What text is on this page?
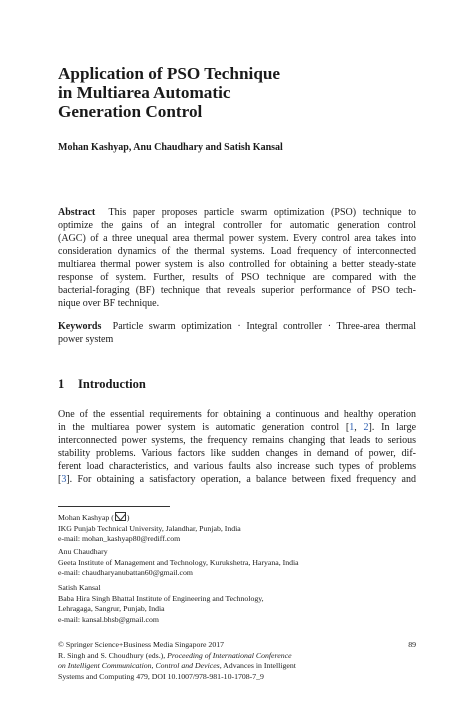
Application of PSO Technique
in Multiarea Automatic
Generation Control
Mohan Kashyap, Anu Chaudhary and Satish Kansal

Abstract This paper proposes particle swarm optimization (PSO) technique to
optimize the gains of an integral controller for automatic generation control
(AGC) of a three unequal area thermal power system. Every control area takes into
consideration dynamics of the thermal systems. Load frequency of interconnected
multiarea thermal power system is also controlled for obtaining a better steady-state
response of system. Further, results of PSO technique are compared with the
bacterial-foraging (BF) technique that reveals superior performance of PSO tech-
nique over BF technique.

Keywords Particle swarm optimization · Integral controller · Three-area thermal
power system

1 Introduction

One of the essential requirements for obtaining a continuous and healthy operation
in the multiarea power system is automatic generation control [1, 2]. In large
interconnected power systems, the frequency remains changing that leads to serious
stability problems. Various factors like sudden changes in demand of power, dif-
ferent load characteristics, and various faults also increase such types of problems
[3]. For obtaining a satisfactory operation, a balance between fixed frequency and

Mohan Kashyap ( )
IKG Punjab Technical University, Jalandhar, Punjab, India
e-mail: mohan_kashyap80@rediff.com

Anu Chaudhary
Geeta Institute of Management and Technology, Kurukshetra, Haryana, India
e-mail: chaudharyanubattan60@gmail.com

Satish Kansal
Baba Hira Singh Bhattal Institute of Engineering and Technology,
Lehragaga, Sangrur, Punjab, India
e-mail: kansal.bhsb@gmail.com

© Springer Science+Business Media Singapore 2017
R. Singh and S. Choudhury (eds.), Proceeding of International Conference
on Intelligent Communication, Control and Devices, Advances in Intelligent
Systems and Computing 479, DOI 10.1007/978-981-10-1708-7_9

89
